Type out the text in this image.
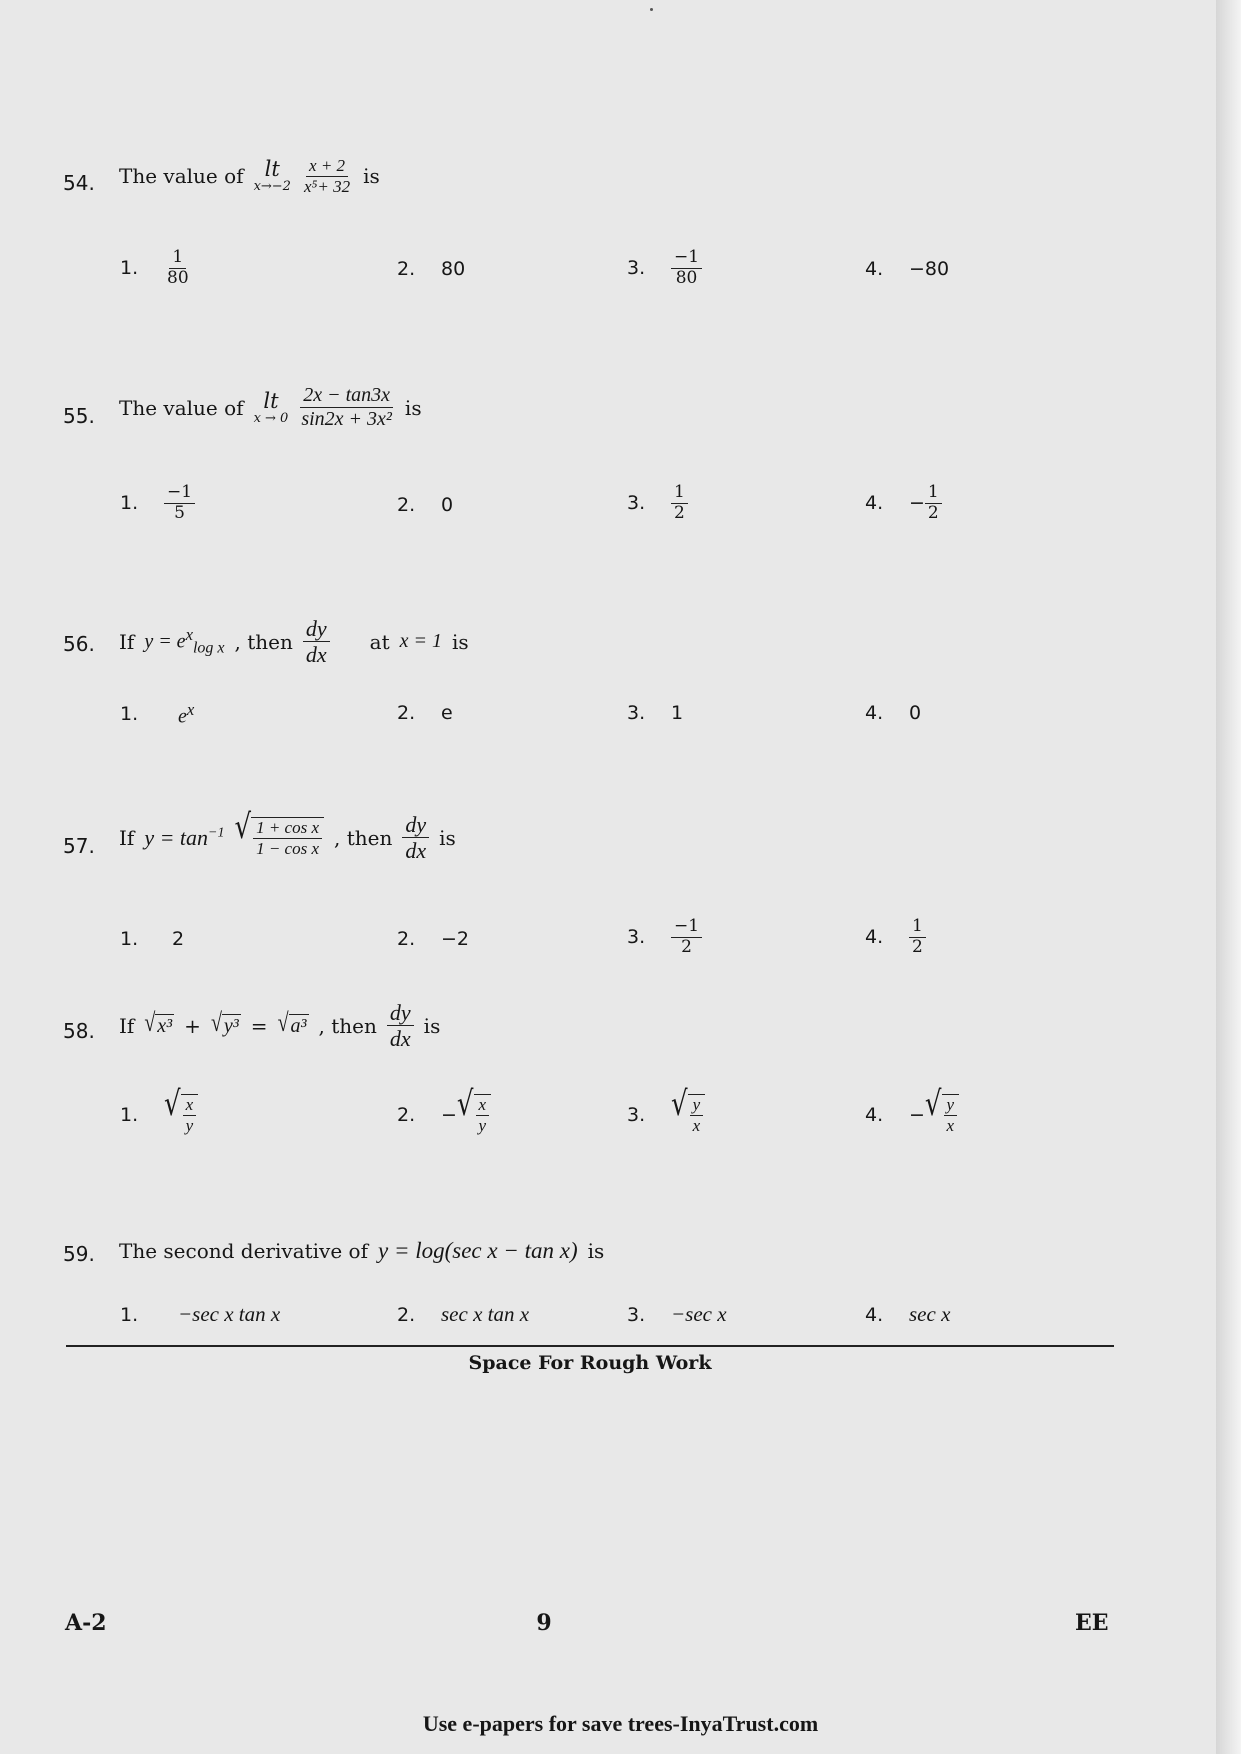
54. The value of lt
$x\to-2 \frac{x + 2}{\text{x⁵+ 32}}$ is
1.	$\frac{1}{80}$	2.	80	3.	$\frac{-1}{80}$	4.	−80
55. The value of lt
$x \to 0 \frac{2x - \tan 3x}{\text{sin2x + 3x²}}$ is
1.	$\frac{-1}{5}$	2.	0	3.	$\frac{1}{2}$	4.	− $\frac{1}{2}$
56. If $y = e^x_{log x}$ , then $\frac{dy}{dx}$ at x = 1 is
1.	$e^x$	2.	e	3.	1	4.	0
57. If $y = \tan^{-1}$ √ $\frac{\text{1 + cos x}}{\text{1 − cos x}}$ , then $\frac{dy}{dx}$ is
1.	2	2.	−2	3.	$\frac{-1}{2}$	4.	$\frac{1}{2}$
58. If √ x³ + √ y³ = √ a³ , then $\frac{dy}{dx}$ is
1. √ $\frac{x}{y}$	2.	− √ $\frac{x}{y}$	3. √ $\frac{y}{x}$	4.	− √ $\frac{y}{x}$
59. The second derivative of y = log(sec x − tan x) is
1.	−sec x tan x	2.	sec x tan x	3.	−sec x	4.	sec x
Space For Rough Work
A-2	9	EE
Use e-papers for save trees-InyaTrust.com
